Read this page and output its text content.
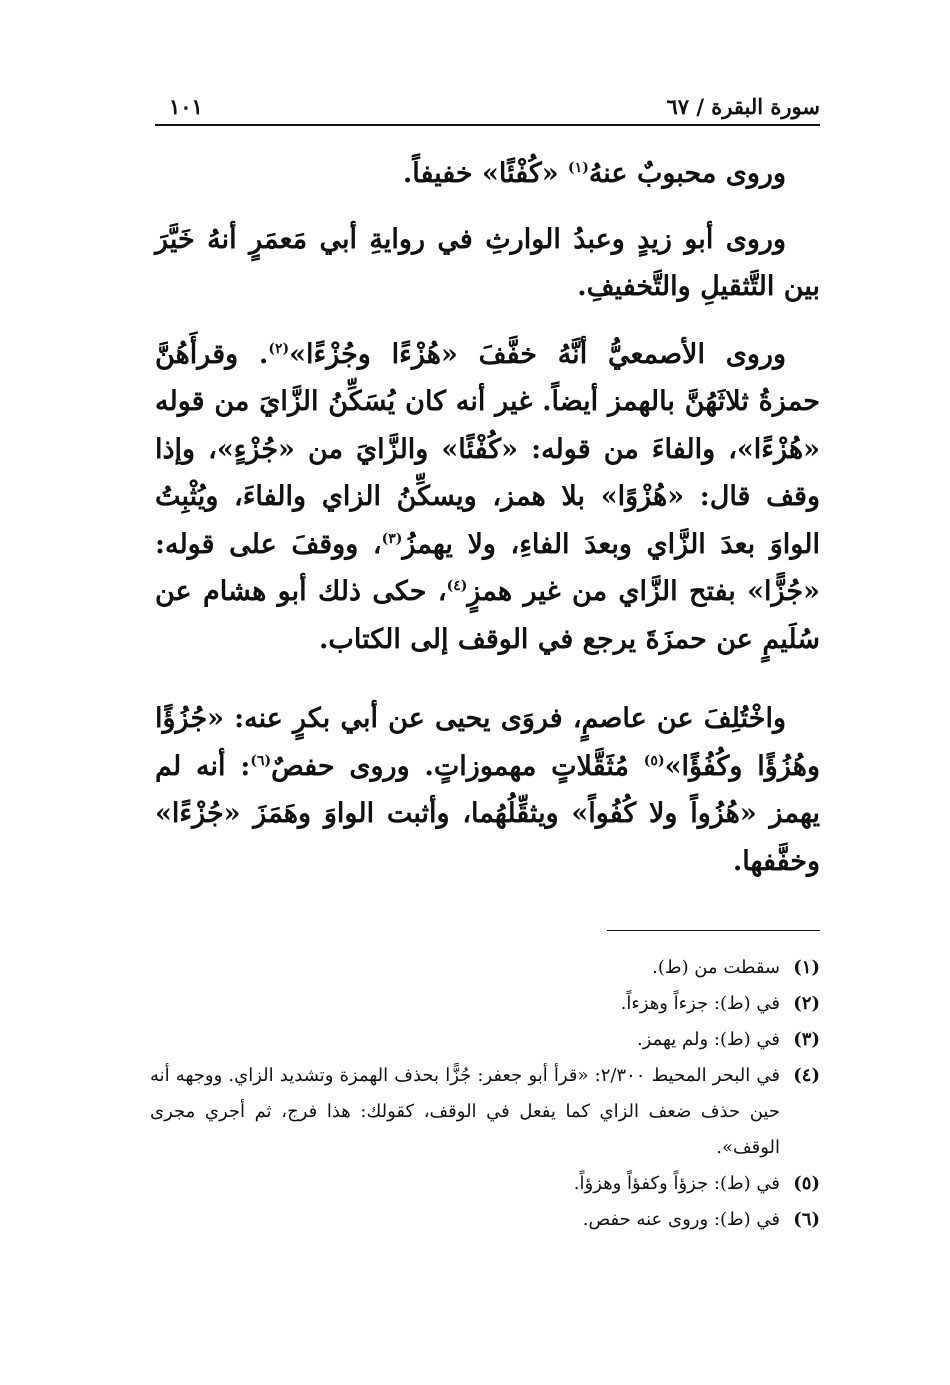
سورة البقرة / ٦٧
١٠١

وروى محبوبٌ عنهُ$^{(١)}$ «كُفْئًا» خفيفاً.

وروى أبو زيدٍ وعبدُ الوارثِ في روايةِ أبي مَعمَرٍ أنهُ خَيَّرَ بين التَّثقيلِ والتَّخفيفِ.

وروى الأصمعيُّ أنَّهُ خفَّفَ «هُزْءًا وجُزْءًا»$^{(٢)}$. وقرأَهُنَّ حمزةُ ثلاثَهُنَّ بالهمز أيضاً. غير أنه كان يُسَكِّنُ الزَّايَ من قوله «هُزْءًا»، والفاءَ من قوله: «كُفْئًا» والزَّايَ من «جُزْءٍ»، وإذا وقف قال: «هُزْوًا» بلا همز، ويسكِّنُ الزاي والفاءَ، ويُثْبِتُ الواوَ بعدَ الزَّاي وبعدَ الفاءِ، ولا يهمزُ$^{(٣)}$، ووقفَ على قوله: «جُزًّا» بفتح الزَّاي من غير همزٍ$^{(٤)}$، حكى ذلك أبو هشام عن سُلَيمٍ عن حمزَةَ يرجع في الوقف إلى الكتاب.

واخْتُلِفَ عن عاصمٍ، فروَى يحيى عن أبي بكرٍ عنه: «جُزُؤًا وهُزُؤًا وكُفُؤًا»$^{(٥)}$ مُثَقَّلاتٍ مهموزاتٍ. وروى حفصٌ$^{(٦)}$: أنه لم يهمز «هُزُواً ولا كُفُواً» ويثقِّلُهُما، وأثبت الواوَ وهَمَزَ «جُزْءًا» وخفَّفها.

(١)
سقطت من (ط).
(٢)
في (ط): جزءاً وهزءاً.
(٣)
في (ط): ولم يهمز.
(٤)
في البحر المحيط ٢/٣٠٠: «قرأ أبو جعفر: جُزًّا بحذف الهمزة وتشديد الزاي. ووجهه أنه حين حذف ضعف الزاي كما يفعل في الوقف، كقولك: هذا فرج، ثم أجري مجرى الوقف».
(٥)
في (ط): جزؤاً وكفؤاً وهزؤاً.
(٦)
في (ط): وروى عنه حفص.
